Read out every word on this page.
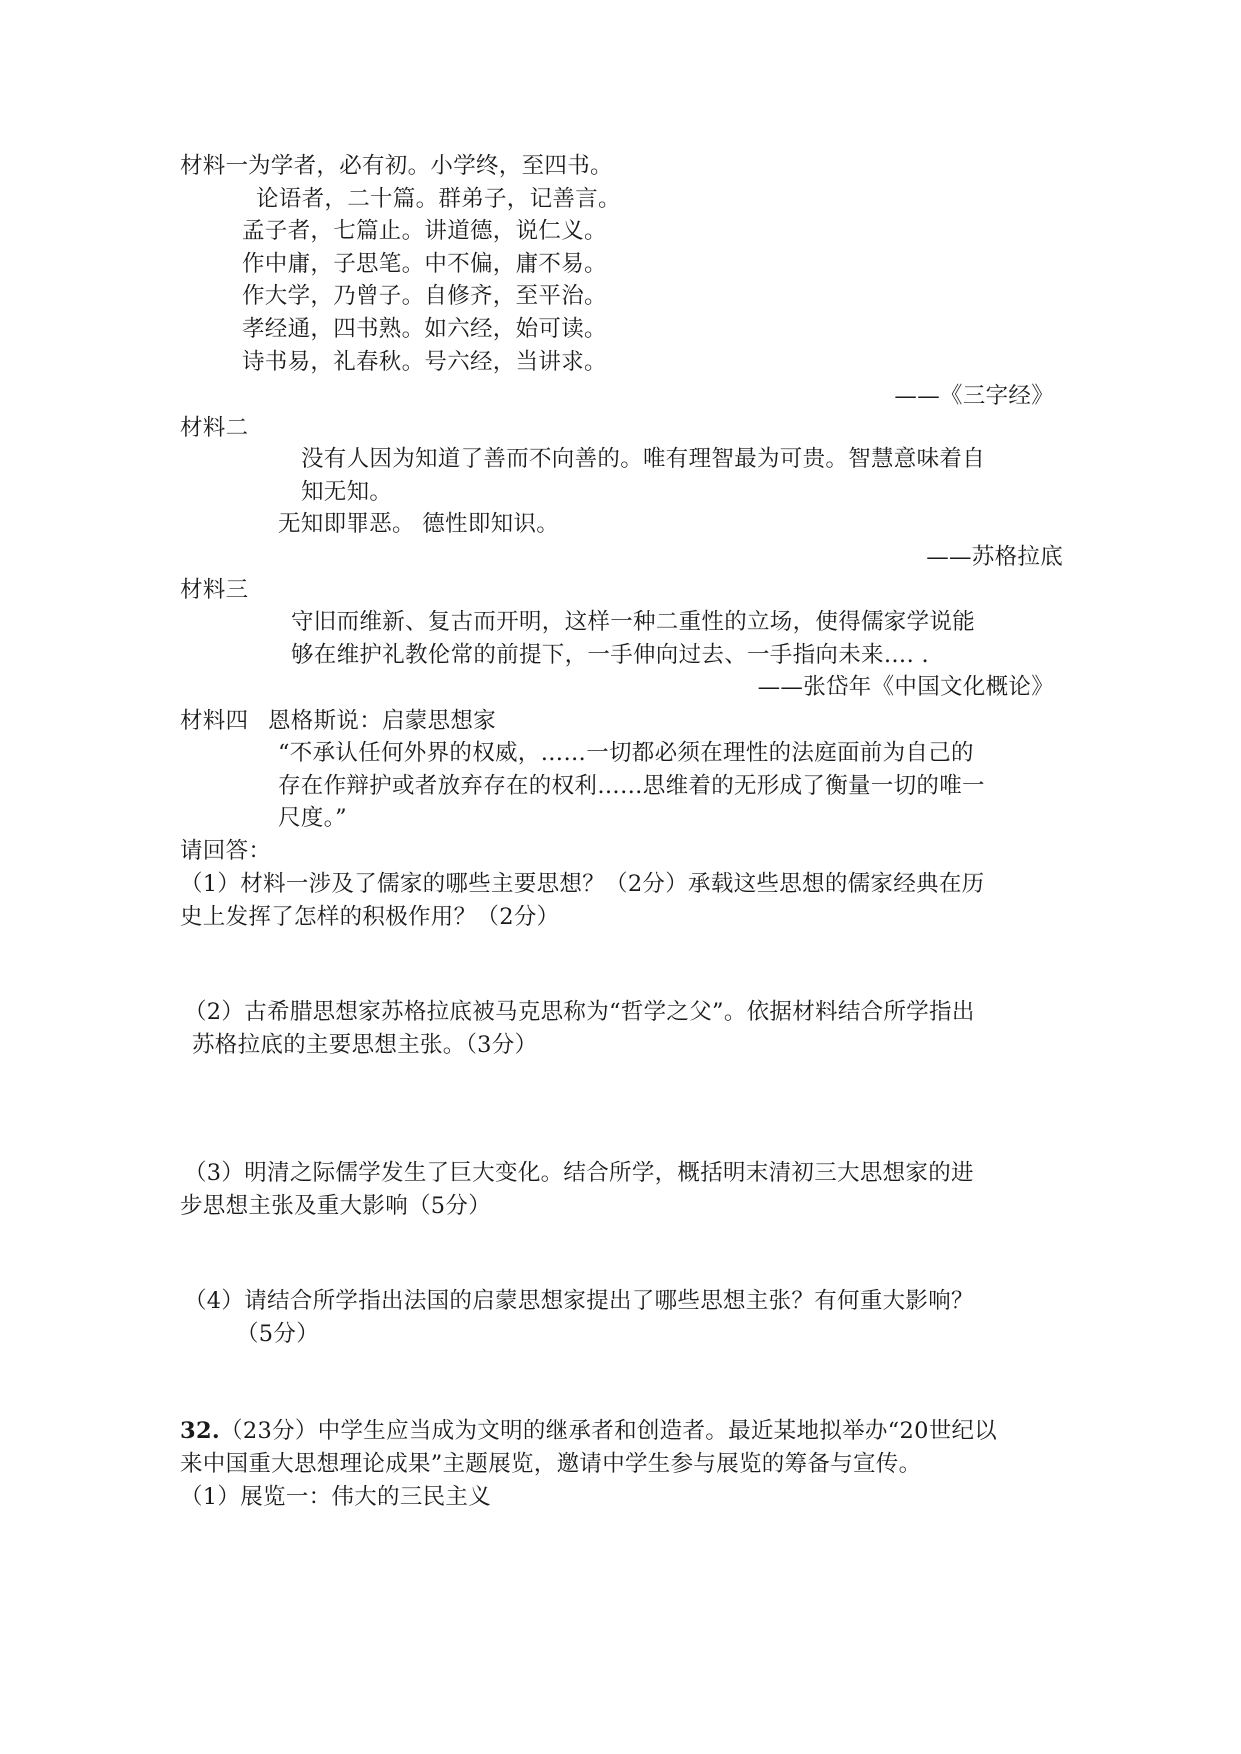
材料一 为学者，必有初。小学终，至四书。
论语者，二十篇。群弟子，记善言。
孟子者，七篇止。讲道德，说仁义。
作中庸，子思笔。中不偏，庸不易。
作大学，乃曾子。自修齐，至平治。
孝经通，四书熟。如六经，始可读。
诗书易，礼春秋。号六经，当讲求。
——《三字经》
材料二
没有人因为知道了善而不向善的。唯有理智最为可贵。智慧意味着自
知无知。
无知即罪恶。 德性即知识。
——苏格拉底
材料三
守旧而维新、复古而开明，这样一种二重性的立场，使得儒家学说能
够在维护礼教伦常的前提下，一手伸向过去、一手指向未来…. .
——张岱年《中国文化概论》
材料四 恩格斯说：启蒙思想家
“不承认任何外界的权威，……一切都必须在理性的法庭面前为自己的
存在作辩护或者放弃存在的权利……思维着的无形成了衡量一切的唯一
尺度。”
请回答：
（1）材料一涉及了儒家的哪些主要思想？（2分）承载这些思想的儒家经典在历
史上发挥了怎样的积极作用？（2分）
（2）古希腊思想家苏格拉底被马克思称为“哲学之父”。依据材料结合所学指出
苏格拉底的主要思想主张。（3分）
（3）明清之际儒学发生了巨大变化。结合所学，概括明末清初三大思想家的进
步思想主张及重大影响（5分）
（4）请结合所学指出法国的启蒙思想家提出了哪些思想主张？有何重大影响？
（5分）
32.（23分）中学生应当成为文明的继承者和创造者。最近某地拟举办“20世纪以
来中国重大思想理论成果”主题展览，邀请中学生参与展览的筹备与宣传。
（1）展览一：伟大的三民主义
